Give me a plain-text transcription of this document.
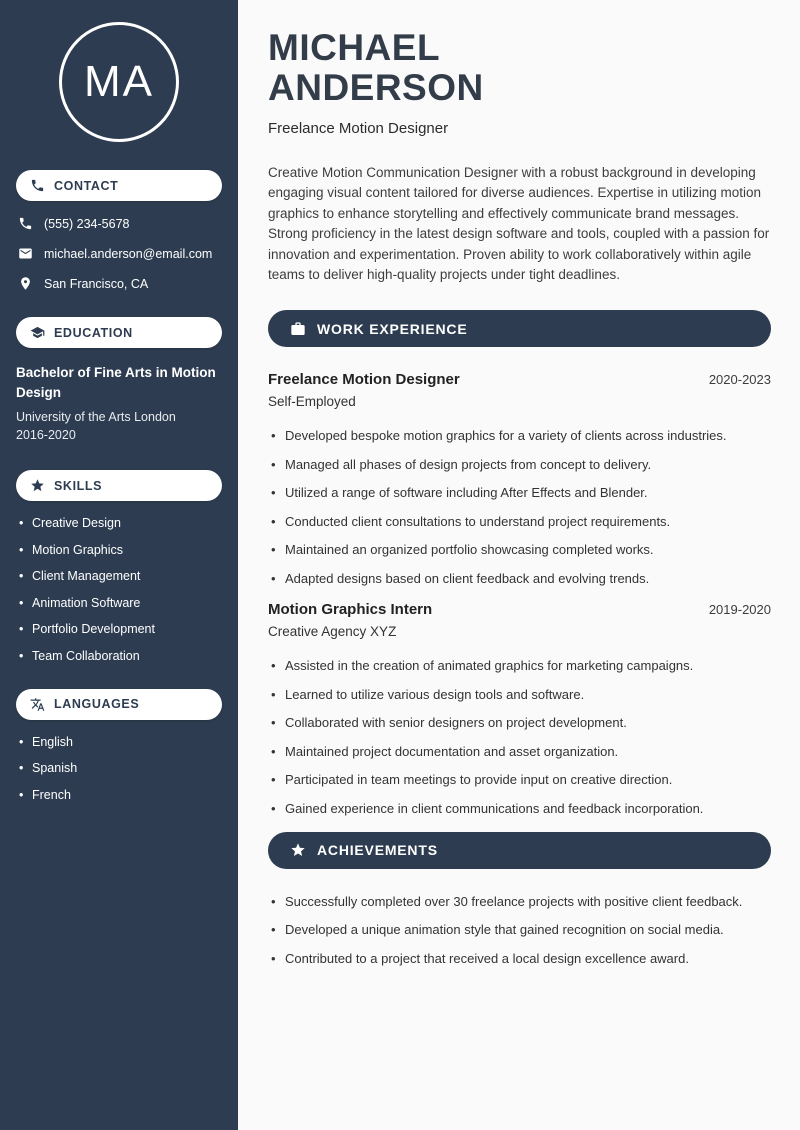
MA
CONTACT
(555) 234-5678
michael.anderson@email.com
San Francisco, CA
EDUCATION
Bachelor of Fine Arts in Motion Design
University of the Arts London
2016-2020
SKILLS
• Creative Design
• Motion Graphics
• Client Management
• Animation Software
• Portfolio Development
• Team Collaboration
LANGUAGES
• English
• Spanish
• French
MICHAEL
ANDERSON
Freelance Motion Designer

Creative Motion Communication Designer with a robust background in developing engaging visual content tailored for diverse audiences. Expertise in utilizing motion graphics to enhance storytelling and effectively communicate brand messages. Strong proficiency in the latest design software and tools, coupled with a passion for innovation and experimentation. Proven ability to work collaboratively within agile teams to deliver high-quality projects under tight deadlines.

WORK EXPERIENCE
Freelance Motion Designer	2020-2023
Self-Employed
• Developed bespoke motion graphics for a variety of clients across industries.
• Managed all phases of design projects from concept to delivery.
• Utilized a range of software including After Effects and Blender.
• Conducted client consultations to understand project requirements.
• Maintained an organized portfolio showcasing completed works.
• Adapted designs based on client feedback and evolving trends.
Motion Graphics Intern	2019-2020
Creative Agency XYZ
• Assisted in the creation of animated graphics for marketing campaigns.
• Learned to utilize various design tools and software.
• Collaborated with senior designers on project development.
• Maintained project documentation and asset organization.
• Participated in team meetings to provide input on creative direction.
• Gained experience in client communications and feedback incorporation.
ACHIEVEMENTS
• Successfully completed over 30 freelance projects with positive client feedback.
• Developed a unique animation style that gained recognition on social media.
• Contributed to a project that received a local design excellence award.
